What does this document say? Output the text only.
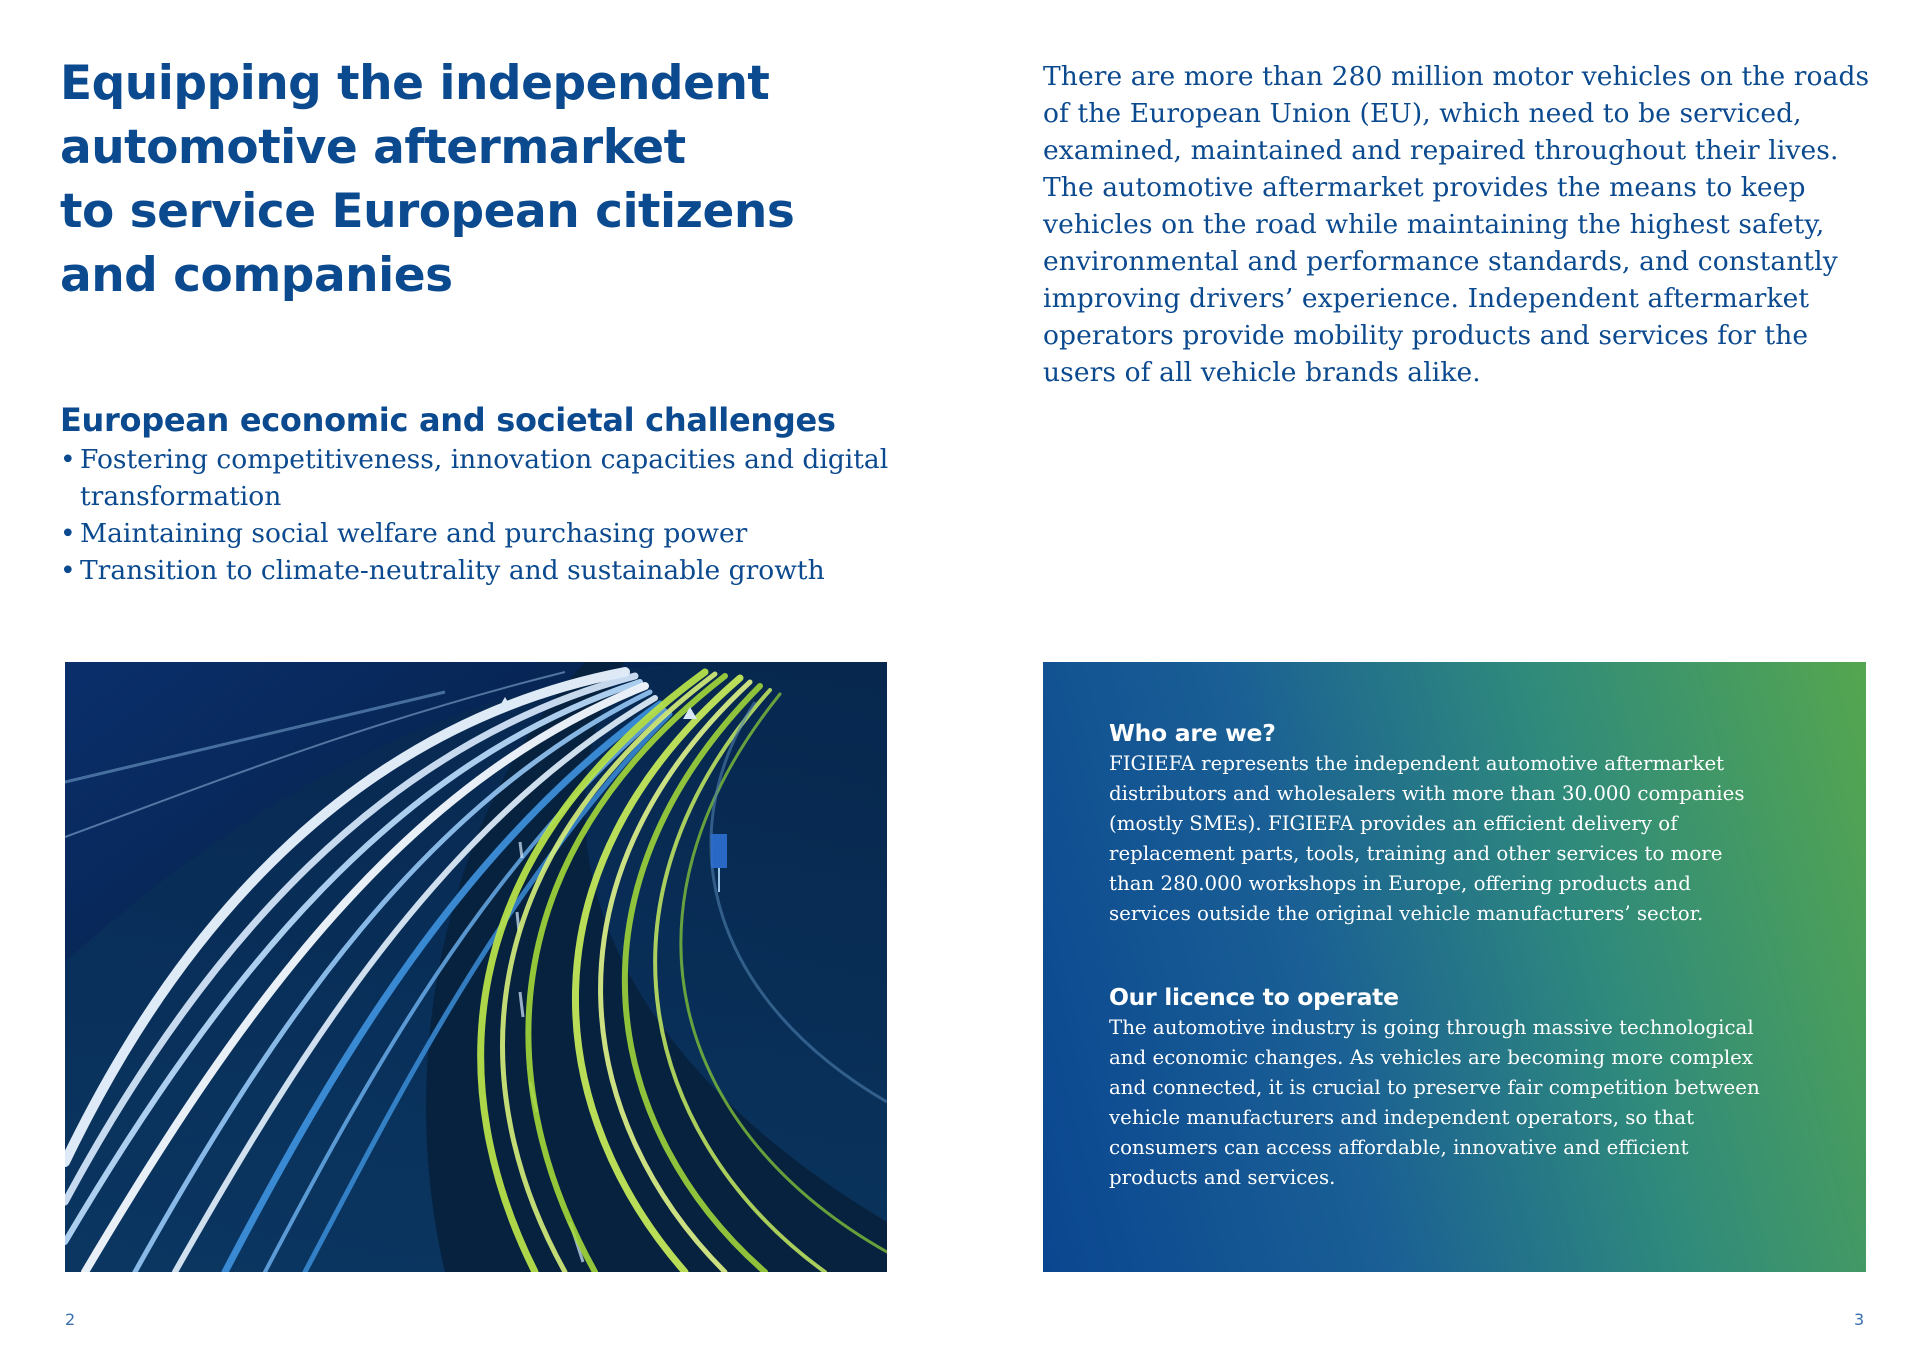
Equipping the independent
automotive aftermarket
to service European citizens
and companies

There are more than 280 million motor vehicles on the roads of the European Union (EU), which need to be serviced, examined, maintained and repaired throughout their lives. The automotive aftermarket provides the means to keep vehicles on the road while maintaining the highest safety, environmental and performance standards, and constantly improving drivers’ experience. Independent aftermarket operators provide mobility products and services for the users of all vehicle brands alike.

European economic and societal challenges
• Fostering competitiveness, innovation capacities and digital transformation
• Maintaining social welfare and purchasing power
• Transition to climate-neutrality and sustainable growth
Who are we?

FIGIEFA represents the independent automotive aftermarket distributors and wholesalers with more than 30.000 companies (mostly SMEs). FIGIEFA provides an efficient delivery of replacement parts, tools, training and other services to more than 280.000 workshops in Europe, offering products and services outside the original vehicle manufacturers’ sector.

Our licence to operate

The automotive industry is going through massive technological and economic changes. As vehicles are becoming more complex and connected, it is crucial to preserve fair competition between vehicle manufacturers and independent operators, so that consumers can access affordable, innovative and efficient products and services.

2	3
